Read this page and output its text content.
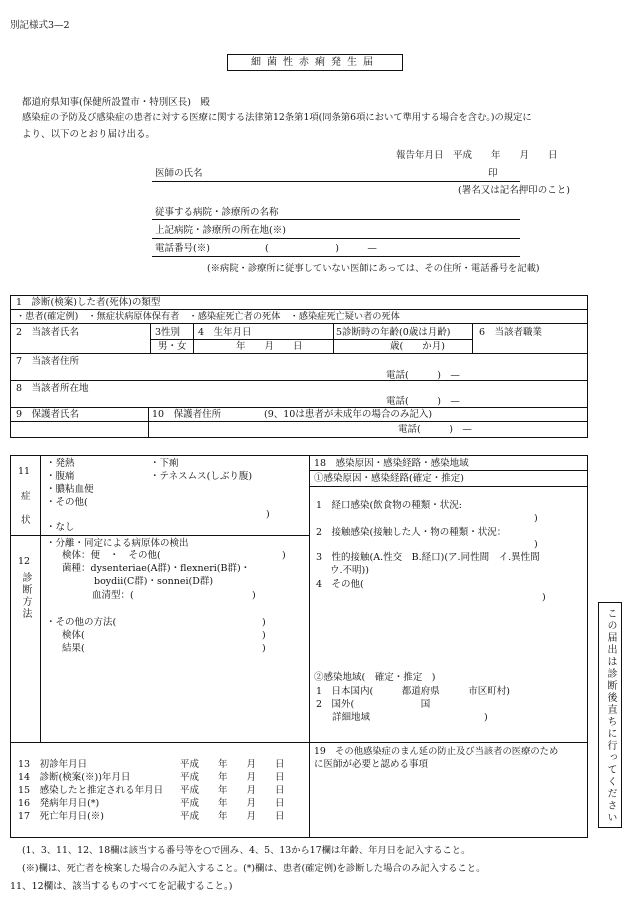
別記様式3—2
細菌性赤痢発生届
都道府県知事(保健所設置市・特別区長)　殿
感染症の予防及び感染症の患者に対する医療に関する法律第12条第1項(同条第6項において準用する場合を含む。)の規定に
より、以下のとおり届け出る。
報告年月日　平成　　年　　月　　日
医師の氏名	印
(署名又は記名押印のこと)
従事する病院・診療所の名称
上記病院・診療所の所在地(※)
電話番号(※)	(　　　　　　　)　　　—
(※病院・診療所に従事していない医師にあっては、その住所・電話番号を記載)
1　診断(検案)した者(死体)の類型
・患者(確定例)　・無症状病原体保有者　・感染症死亡者の死体　・感染症死亡疑い者の死体
2　当該者氏名	3性別 4　生年月日	5診断時の年齢(0歳は月齢)	6　当該者職業
男・女	年　　月　　日	歳(　　か月)
7　当該者住所
電話(　　　)　—
8　当該者所在地
電話(　　　)　—
9　保護者氏名	10　保護者住所	(9、10は患者が未成年の場合のみ記入)
電話(　　　)　—
11
症
状
・発熱	・下痢
・腹痛	・テネスムス(しぶり腹)
・膿粘血便
・その他(
)
・なし
12
診断方法
・分離・同定による病原体の検出
検体：便　・　その他(	)
菌種：dysenteriae(A群)・flexneri(B群)・
boydii(C群)・sonnei(D群)
血清型：(	)
・その他の方法(	)
検体(	)
結果(	)
18　感染原因・感染経路・感染地域
①感染原因・感染経路(確定・推定)
1　経口感染(飲食物の種類・状況:
)
2　接触感染(接触した人・物の種類・状況：
)
3　性的接触(A.性交　B.経口)(ア.同性間　イ.異性間
ウ.不明))
4　その他(
)
②感染地域(　確定・推定　)
1　日本国内(　　　都道府県　　　市区町村)
2　国外(　　　　　　　国
詳細地域	)
13　初診年月日	平成　　年　　月　　日
14　診断(検案(※))年月日	平成　　年　　月　　日
15　感染したと推定される年月日 平成　　年　　月　　日
16　発病年月日(*)	平成　　年　　月　　日
17　死亡年月日(※)	平成　　年　　月　　日
19　その他感染症のまん延の防止及び当該者の医療のため
に医師が必要と認める事項	この届出は診断後直ちに行ってください
(1、3、11、12、18欄は該当する番号等を○で囲み、4、5、13から17欄は年齢、年月日を記入すること。
(※)欄は、死亡者を検案した場合のみ記入すること。(*)欄は、患者(確定例)を診断した場合のみ記入すること。
11、12欄は、該当するものすべてを記載すること。)
